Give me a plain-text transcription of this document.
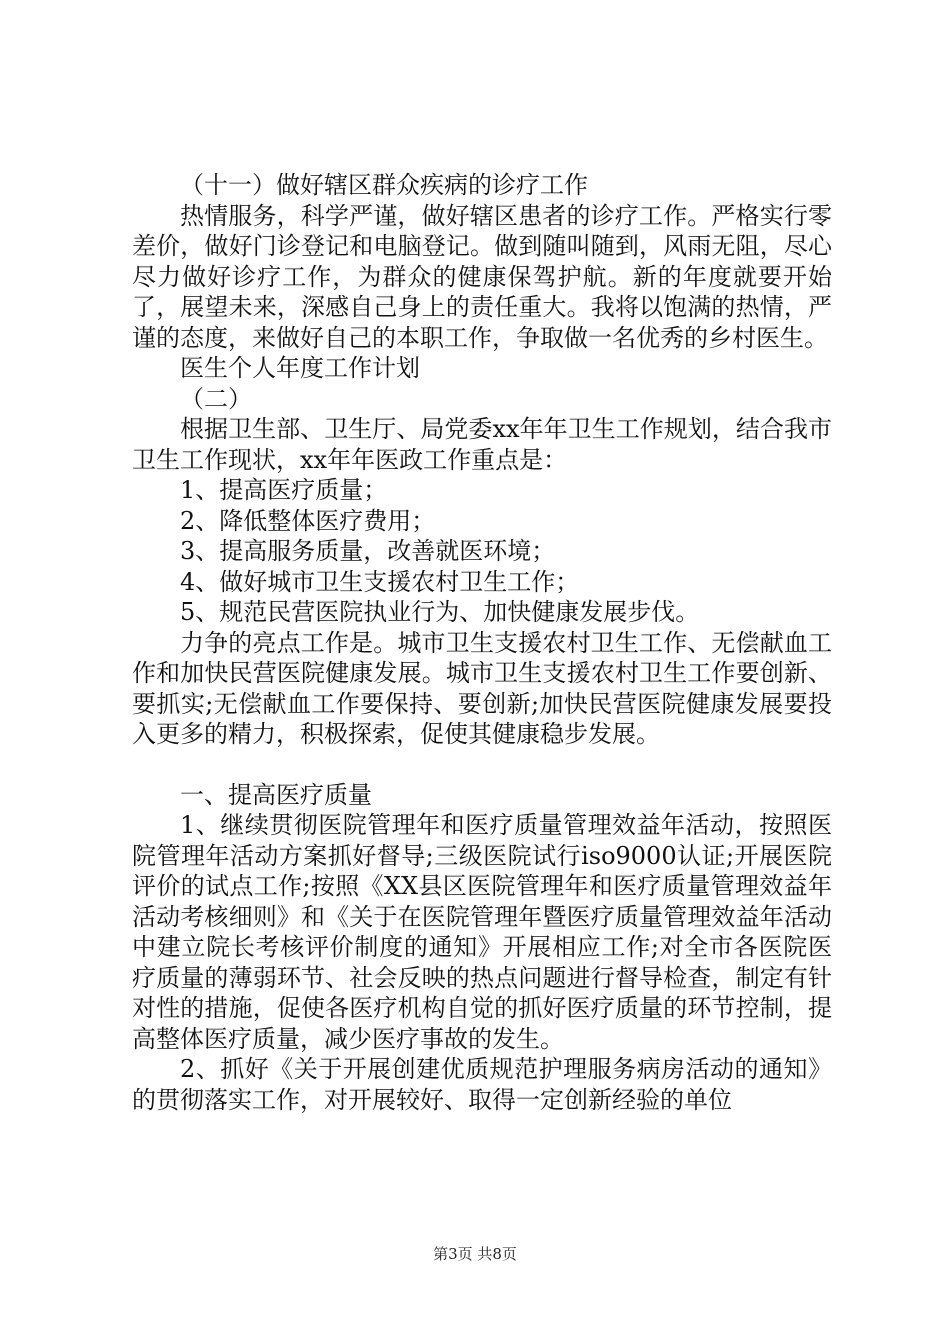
（十一）做好辖区群众疾病的诊疗工作

热情服务，科学严谨，做好辖区患者的诊疗工作。严格实行零差价，做好门诊登记和电脑登记。做到随叫随到，风雨无阻，尽心尽力做好诊疗工作，为群众的健康保驾护航。新的年度就要开始了，展望未来，深感自己身上的责任重大。我将以饱满的热情，严谨的态度，来做好自己的本职工作，争取做一名优秀的乡村医生。

医生个人年度工作计划

（二）

根据卫生部、卫生厅、局党委xx年年卫生工作规划，结合我市卫生工作现状，xx年年医政工作重点是：

1、提高医疗质量；

2、降低整体医疗费用；

3、提高服务质量，改善就医环境；

4、做好城市卫生支援农村卫生工作；

5、规范民营医院执业行为、加快健康发展步伐。

力争的亮点工作是。城市卫生支援农村卫生工作、无偿献血工作和加快民营医院健康发展。城市卫生支援农村卫生工作要创新、要抓实;无偿献血工作要保持、要创新;加快民营医院健康发展要投入更多的精力，积极探索，促使其健康稳步发展。

一、提高医疗质量

1、继续贯彻医院管理年和医疗质量管理效益年活动，按照医院管理年活动方案抓好督导;三级医院试行iso9000认证;开展医院评价的试点工作;按照《XX县区医院管理年和医疗质量管理效益年活动考核细则》和《关于在医院管理年暨医疗质量管理效益年活动中建立院长考核评价制度的通知》开展相应工作;对全市各医院医疗质量的薄弱环节、社会反映的热点问题进行督导检查，制定有针对性的措施，促使各医疗机构自觉的抓好医疗质量的环节控制，提高整体医疗质量，减少医疗事故的发生。

2、抓好《关于开展创建优质规范护理服务病房活动的通知》的贯彻落实工作，对开展较好、取得一定创新经验的单位

第3页 共8页
